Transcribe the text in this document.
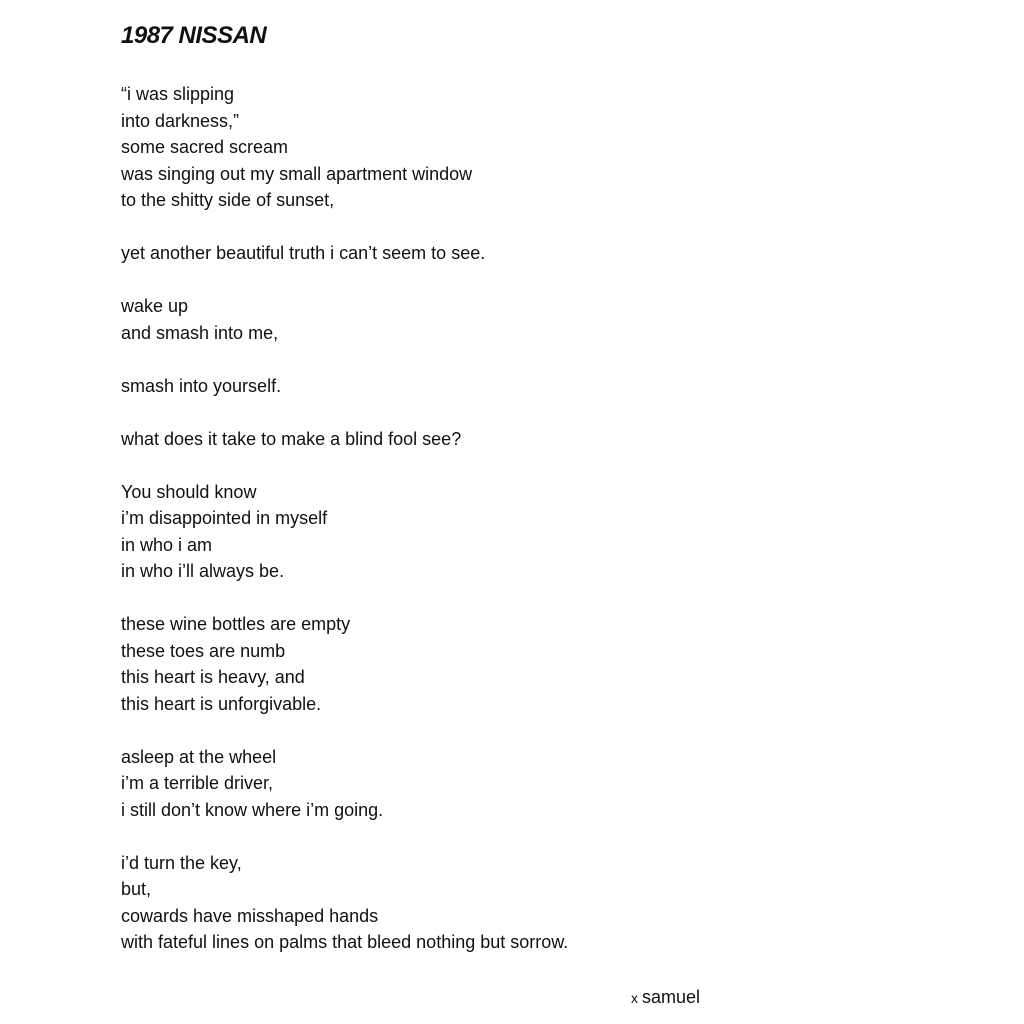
1987 NISSAN
“i was slipping
into darkness,”
some sacred scream
was singing out my small apartment window
to the shitty side of sunset,
yet another beautiful truth i can’t seem to see.
wake up
and smash into me,
smash into yourself.
what does it take to make a blind fool see?
You should know
i’m disappointed in myself
in who i am
in who i’ll always be.
these wine bottles are empty
these toes are numb
this heart is heavy, and
this heart is unforgivable.
asleep at the wheel
i’m a terrible driver,
i still don’t know where i’m going.
i’d turn the key,
but,
cowards have misshaped hands
with fateful lines on palms that bleed nothing but sorrow.
x samuel
